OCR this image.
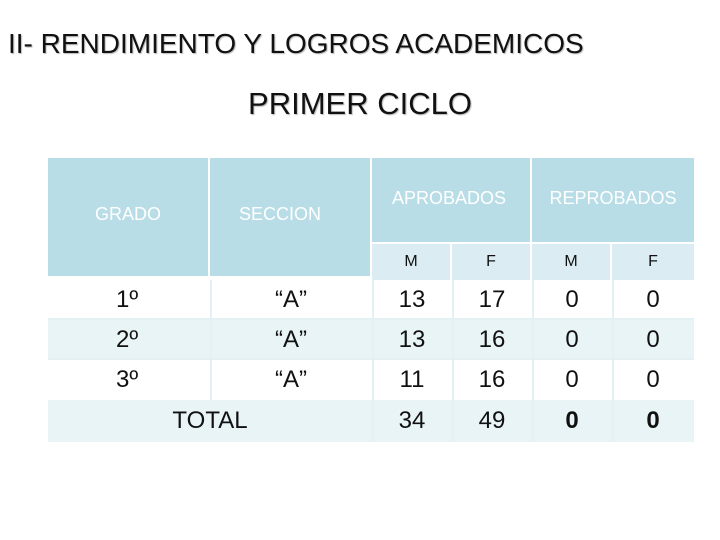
II- RENDIMIENTO Y LOGROS ACADEMICOS
PRIMER CICLO
GRADO	SECCION
APROBADOS REPROBADOS
M	F	M	F
1º	“A”	13	17	0	0
2º	“A”	13	16	0	0
3º	“A”	11	16	0	0
TOTAL	34	49	0	0
